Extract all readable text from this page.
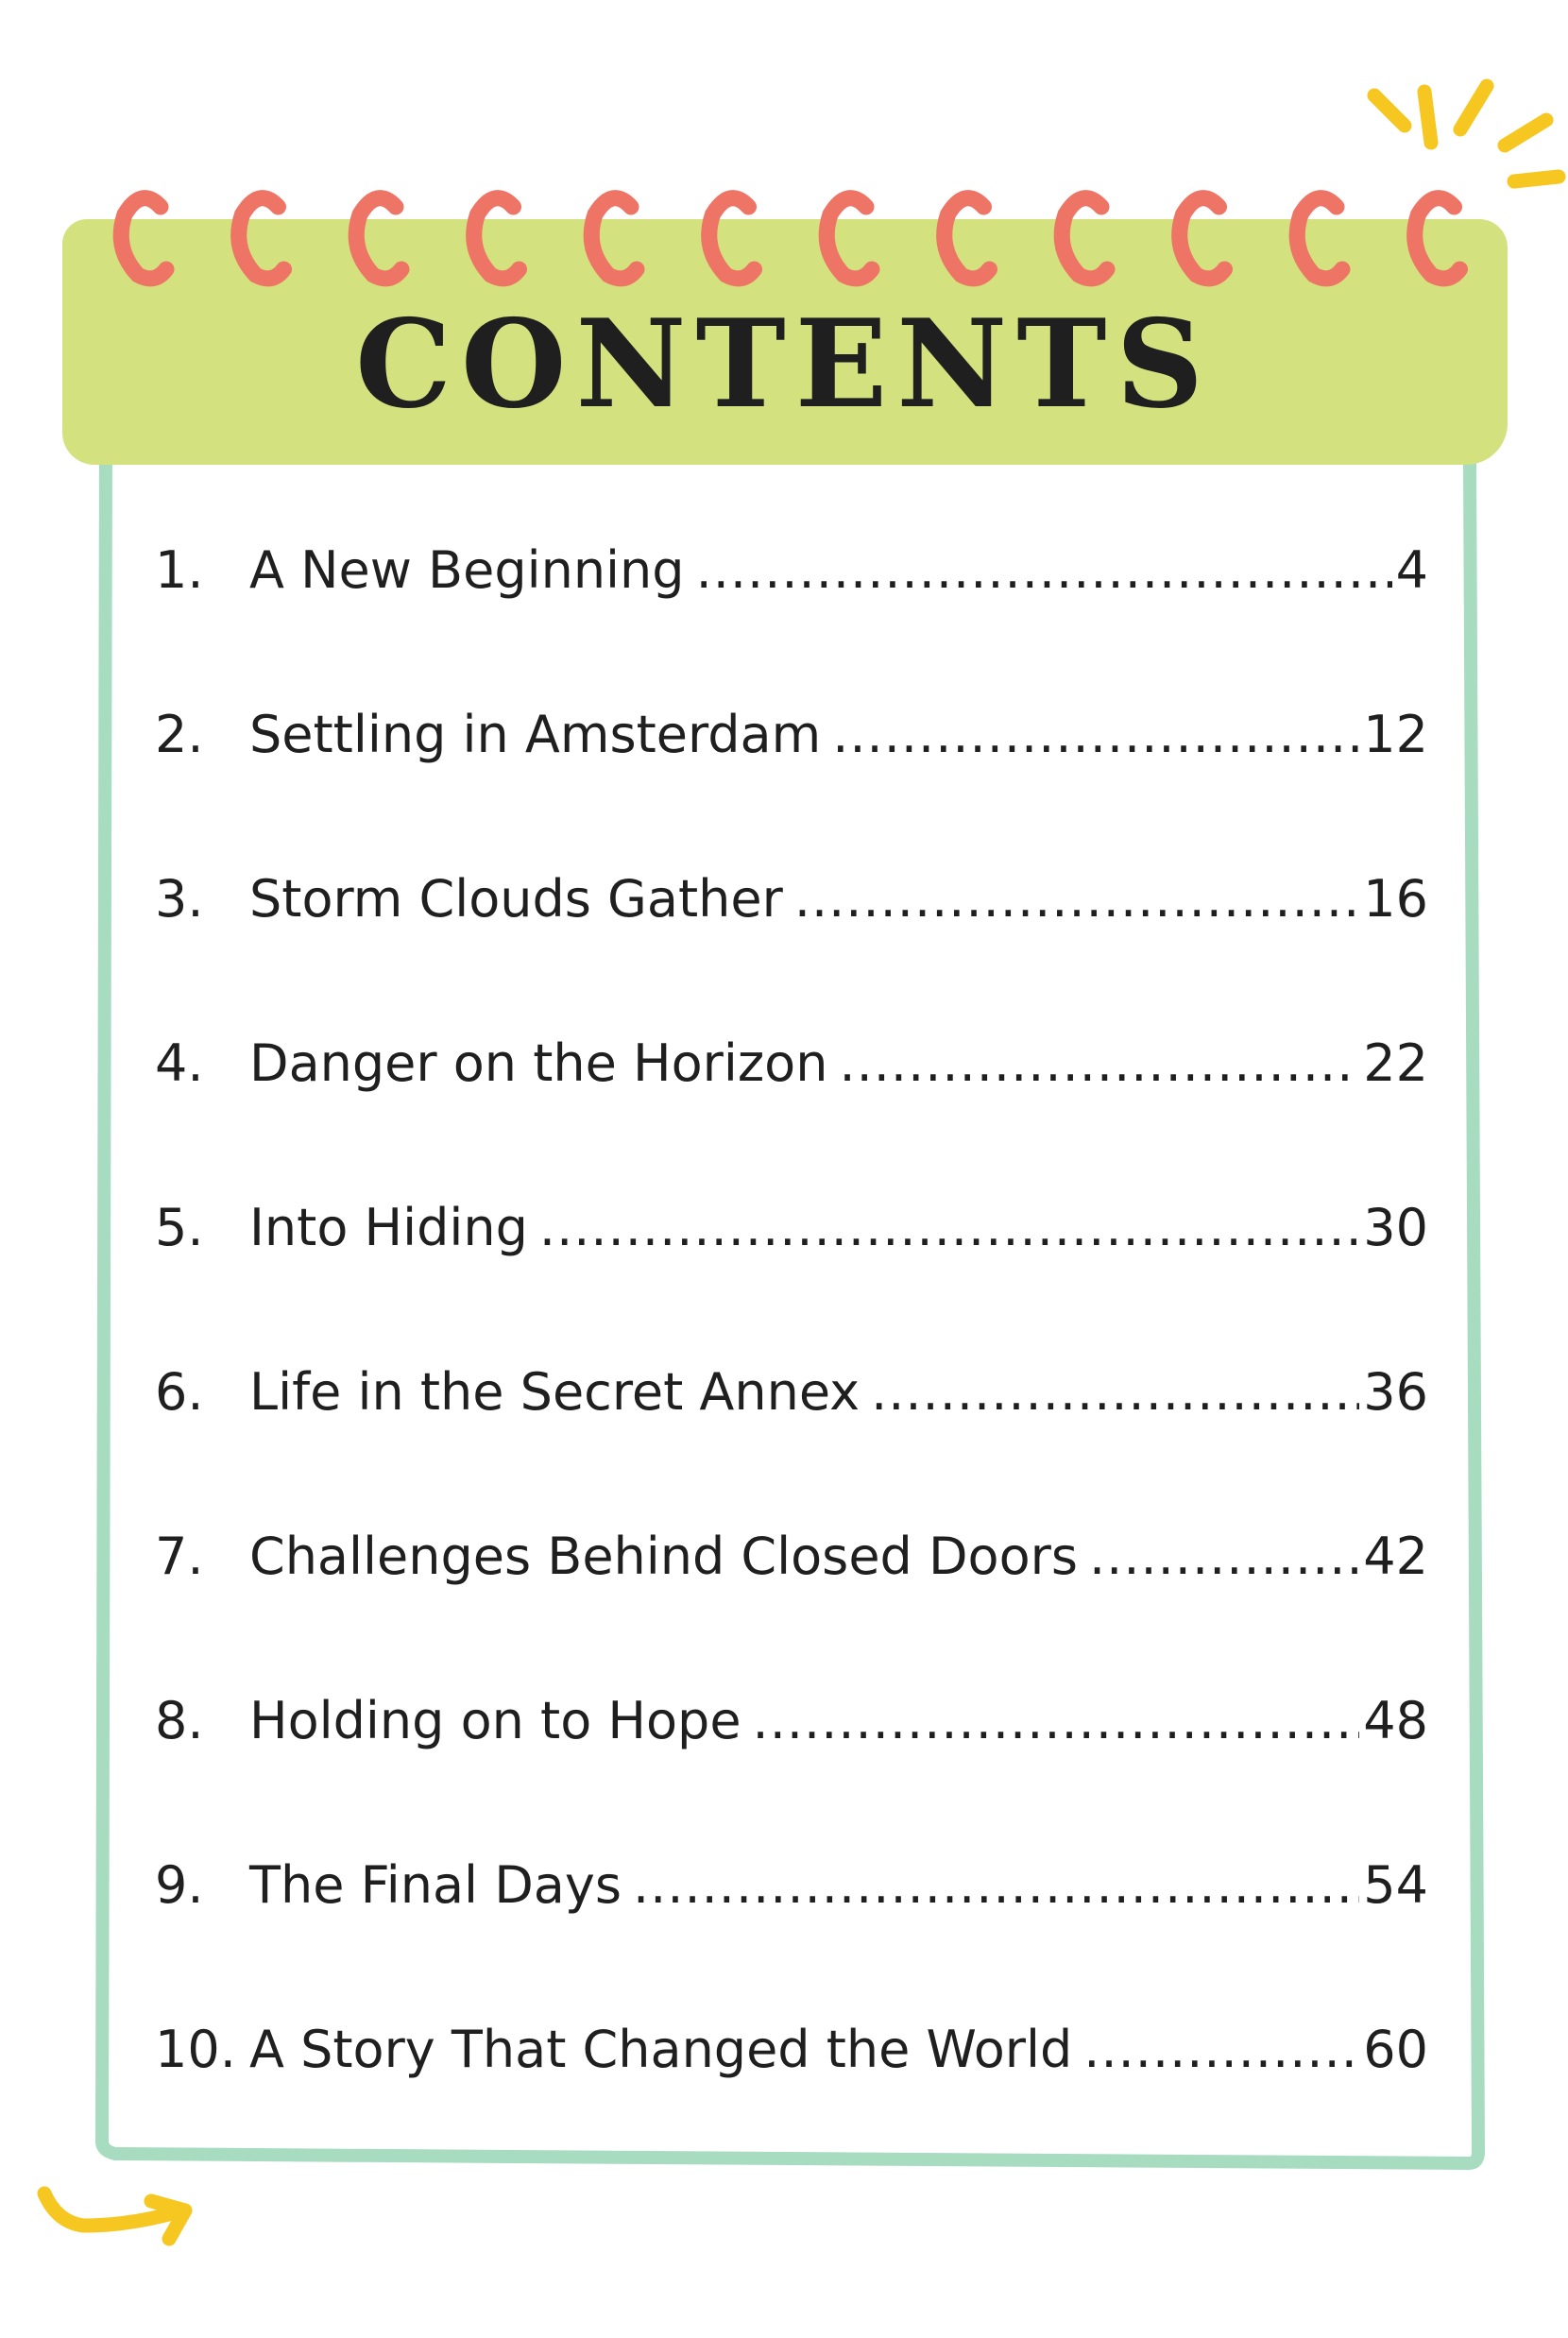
CONTENTS
1. A New Beginning .....	4
2. Settling in Amsterdam .....	12
3. Storm Clouds Gather .....	16
4. Danger on the Horizon .....	22
5. Into Hiding .....	30
6. Life in the Secret Annex .....	36
7. Challenges Behind Closed Doors .....	42
8. Holding on to Hope .....	48
9. The Final Days .....	54
10. A Story That Changed the World .....	60
